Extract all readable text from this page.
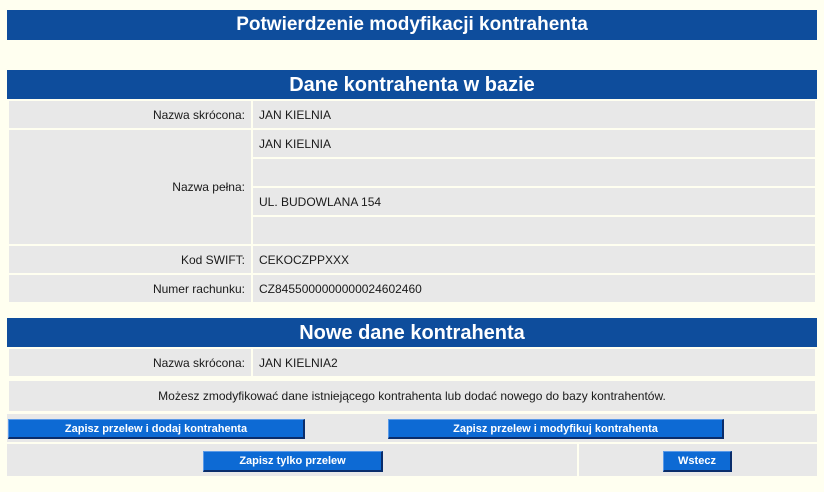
Potwierdzenie modyfikacji kontrahenta
Dane kontrahenta w bazie
Nazwa skrócona:	JAN KIELNIA
Nazwa pełna:	JAN KIELNIA

	UL. BUDOWLANA 154

Kod SWIFT:	CEKOCZPPXXX
Numer rachunku:	CZ8455000000000024602460
Nowe dane kontrahenta
Nazwa skrócona:	JAN KIELNIA2
Możesz zmodyfikować dane istniejącego kontrahenta lub dodać nowego do bazy kontrahentów.
Zapisz przelew i dodaj kontrahenta	Zapisz przelew i modyfikuj kontrahenta
Zapisz tylko przelew	Wstecz
